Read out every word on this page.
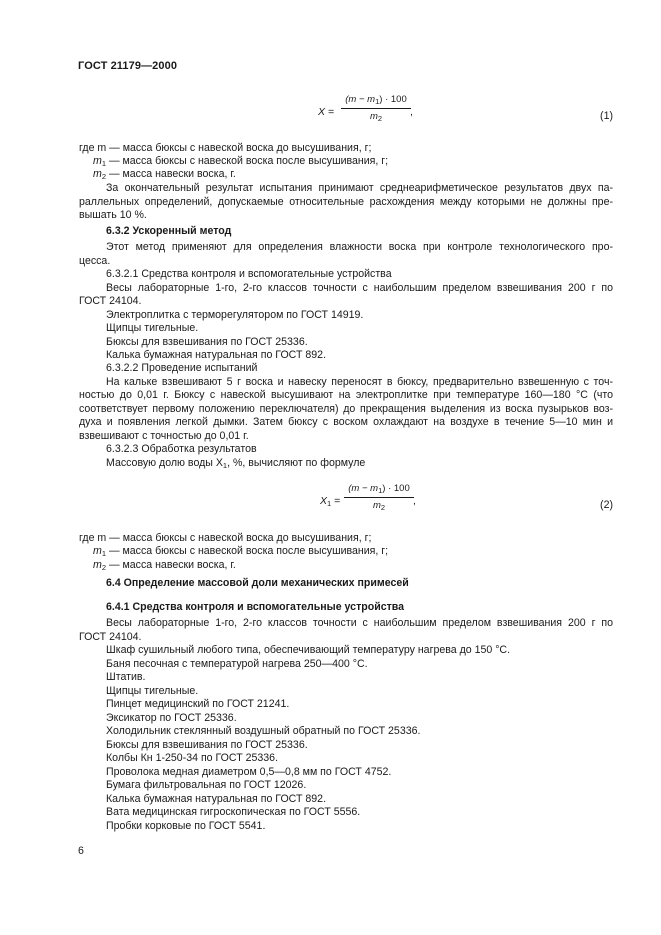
ГОСТ 21179—2000
X =
$(m - m_1) \cdot 100$
$m_2$
,	(1)
где m — масса бюксы с навеской воска до высушивания, г;
$m_1$ — масса бюксы с навеской воска после высушивания, г;
$m_2$ — масса навески воска, г.
За окончательный результат испытания принимают среднеарифметическое результатов двух па-
раллельных определений, допускаемые относительные расхождения между которыми не должны пре-
вышать 10 %.
6.3.2 Ускоренный метод
Этот метод применяют для определения влажности воска при контроле технологического про-
цесса.
6.3.2.1 Средства контроля и вспомогательные устройства
Весы лабораторные 1-го, 2-го классов точности с наибольшим пределом взвешивания 200 г по
ГОСТ 24104.
Электроплитка с терморегулятором по ГОСТ 14919.
Щипцы тигельные.
Бюксы для взвешивания по ГОСТ 25336.
Калька бумажная натуральная по ГОСТ 892.
6.3.2.2 Проведение испытаний
На кальке взвешивают 5 г воска и навеску переносят в бюксу, предварительно взвешенную с точ-
ностью до 0,01 г. Бюксу с навеской высушивают на электроплитке при температуре 160—180 °С (что
соответствует первому положению переключателя) до прекращения выделения из воска пузырьков воз-
духа и появления легкой дымки. Затем бюксу с воском охлаждают на воздухе в течение 5—10 мин и
взвешивают с точностью до 0,01 г.
6.3.2.3 Обработка результатов
Массовую долю воды $X_1$, %, вычисляют по формуле
$X_1$ =
$(m - m_1) \cdot 100$
$m_2$
,	(2)
где m — масса бюксы с навеской воска до высушивания, г;
$m_1$ — масса бюксы с навеской воска после высушивания, г;
$m_2$ — масса навески воска, г.
6.4 Определение массовой доли механических примесей
6.4.1 Средства контроля и вспомогательные устройства
Весы лабораторные 1-го, 2-го классов точности с наибольшим пределом взвешивания 200 г по
ГОСТ 24104.
Шкаф сушильный любого типа, обеспечивающий температуру нагрева до 150 °С.
Баня песочная с температурой нагрева 250—400 °С.
Штатив.
Щипцы тигельные.
Пинцет медицинский по ГОСТ 21241.
Эксикатор по ГОСТ 25336.
Холодильник стеклянный воздушный обратный по ГОСТ 25336.
Бюксы для взвешивания по ГОСТ 25336.
Колбы Кн 1-250-34 по ГОСТ 25336.
Проволока медная диаметром 0,5—0,8 мм по ГОСТ 4752.
Бумага фильтровальная по ГОСТ 12026.
Калька бумажная натуральная по ГОСТ 892.
Вата медицинская гигроскопическая по ГОСТ 5556.
Пробки корковые по ГОСТ 5541.
6
